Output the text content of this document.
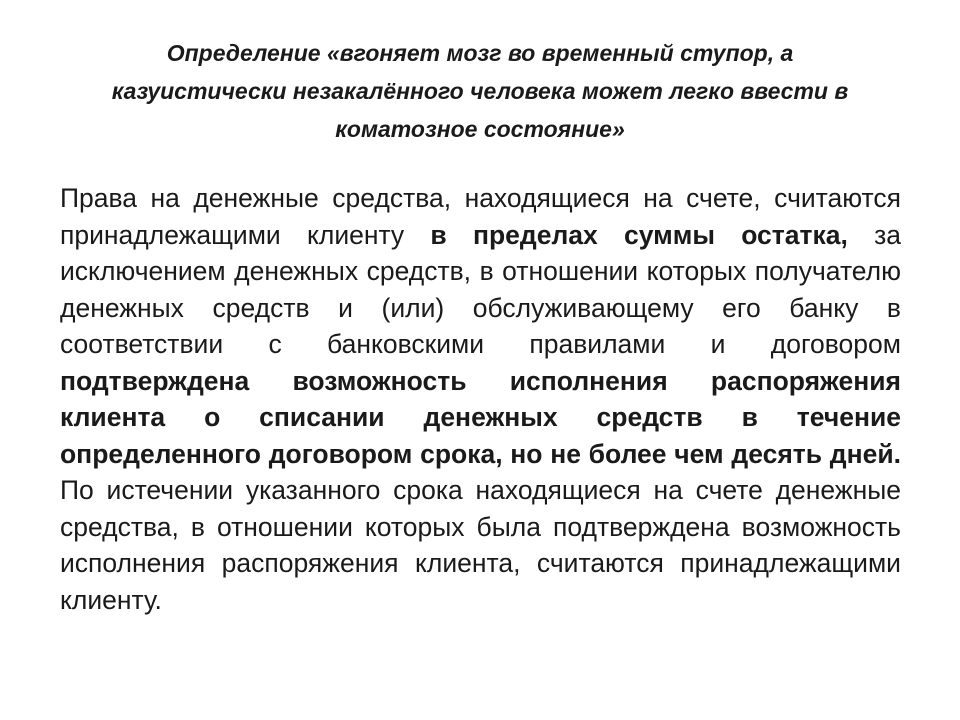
Определение «вгоняет мозг во временный ступор, а казуистически незакалённого человека может легко ввести в коматозное состояние»

Права на денежные средства, находящиеся на счете, считаются принадлежащими клиенту в пределах суммы остатка, за исключением денежных средств, в отношении которых получателю денежных средств и (или) обслуживающему его банку в соответствии с банковскими правилами и договором подтверждена возможность исполнения распоряжения клиента о списании денежных средств в течение определенного договором срока, но не более чем десять дней. По истечении указанного срока находящиеся на счете денежные средства, в отношении которых была подтверждена возможность исполнения распоряжения клиента, считаются принадлежащими клиенту.
